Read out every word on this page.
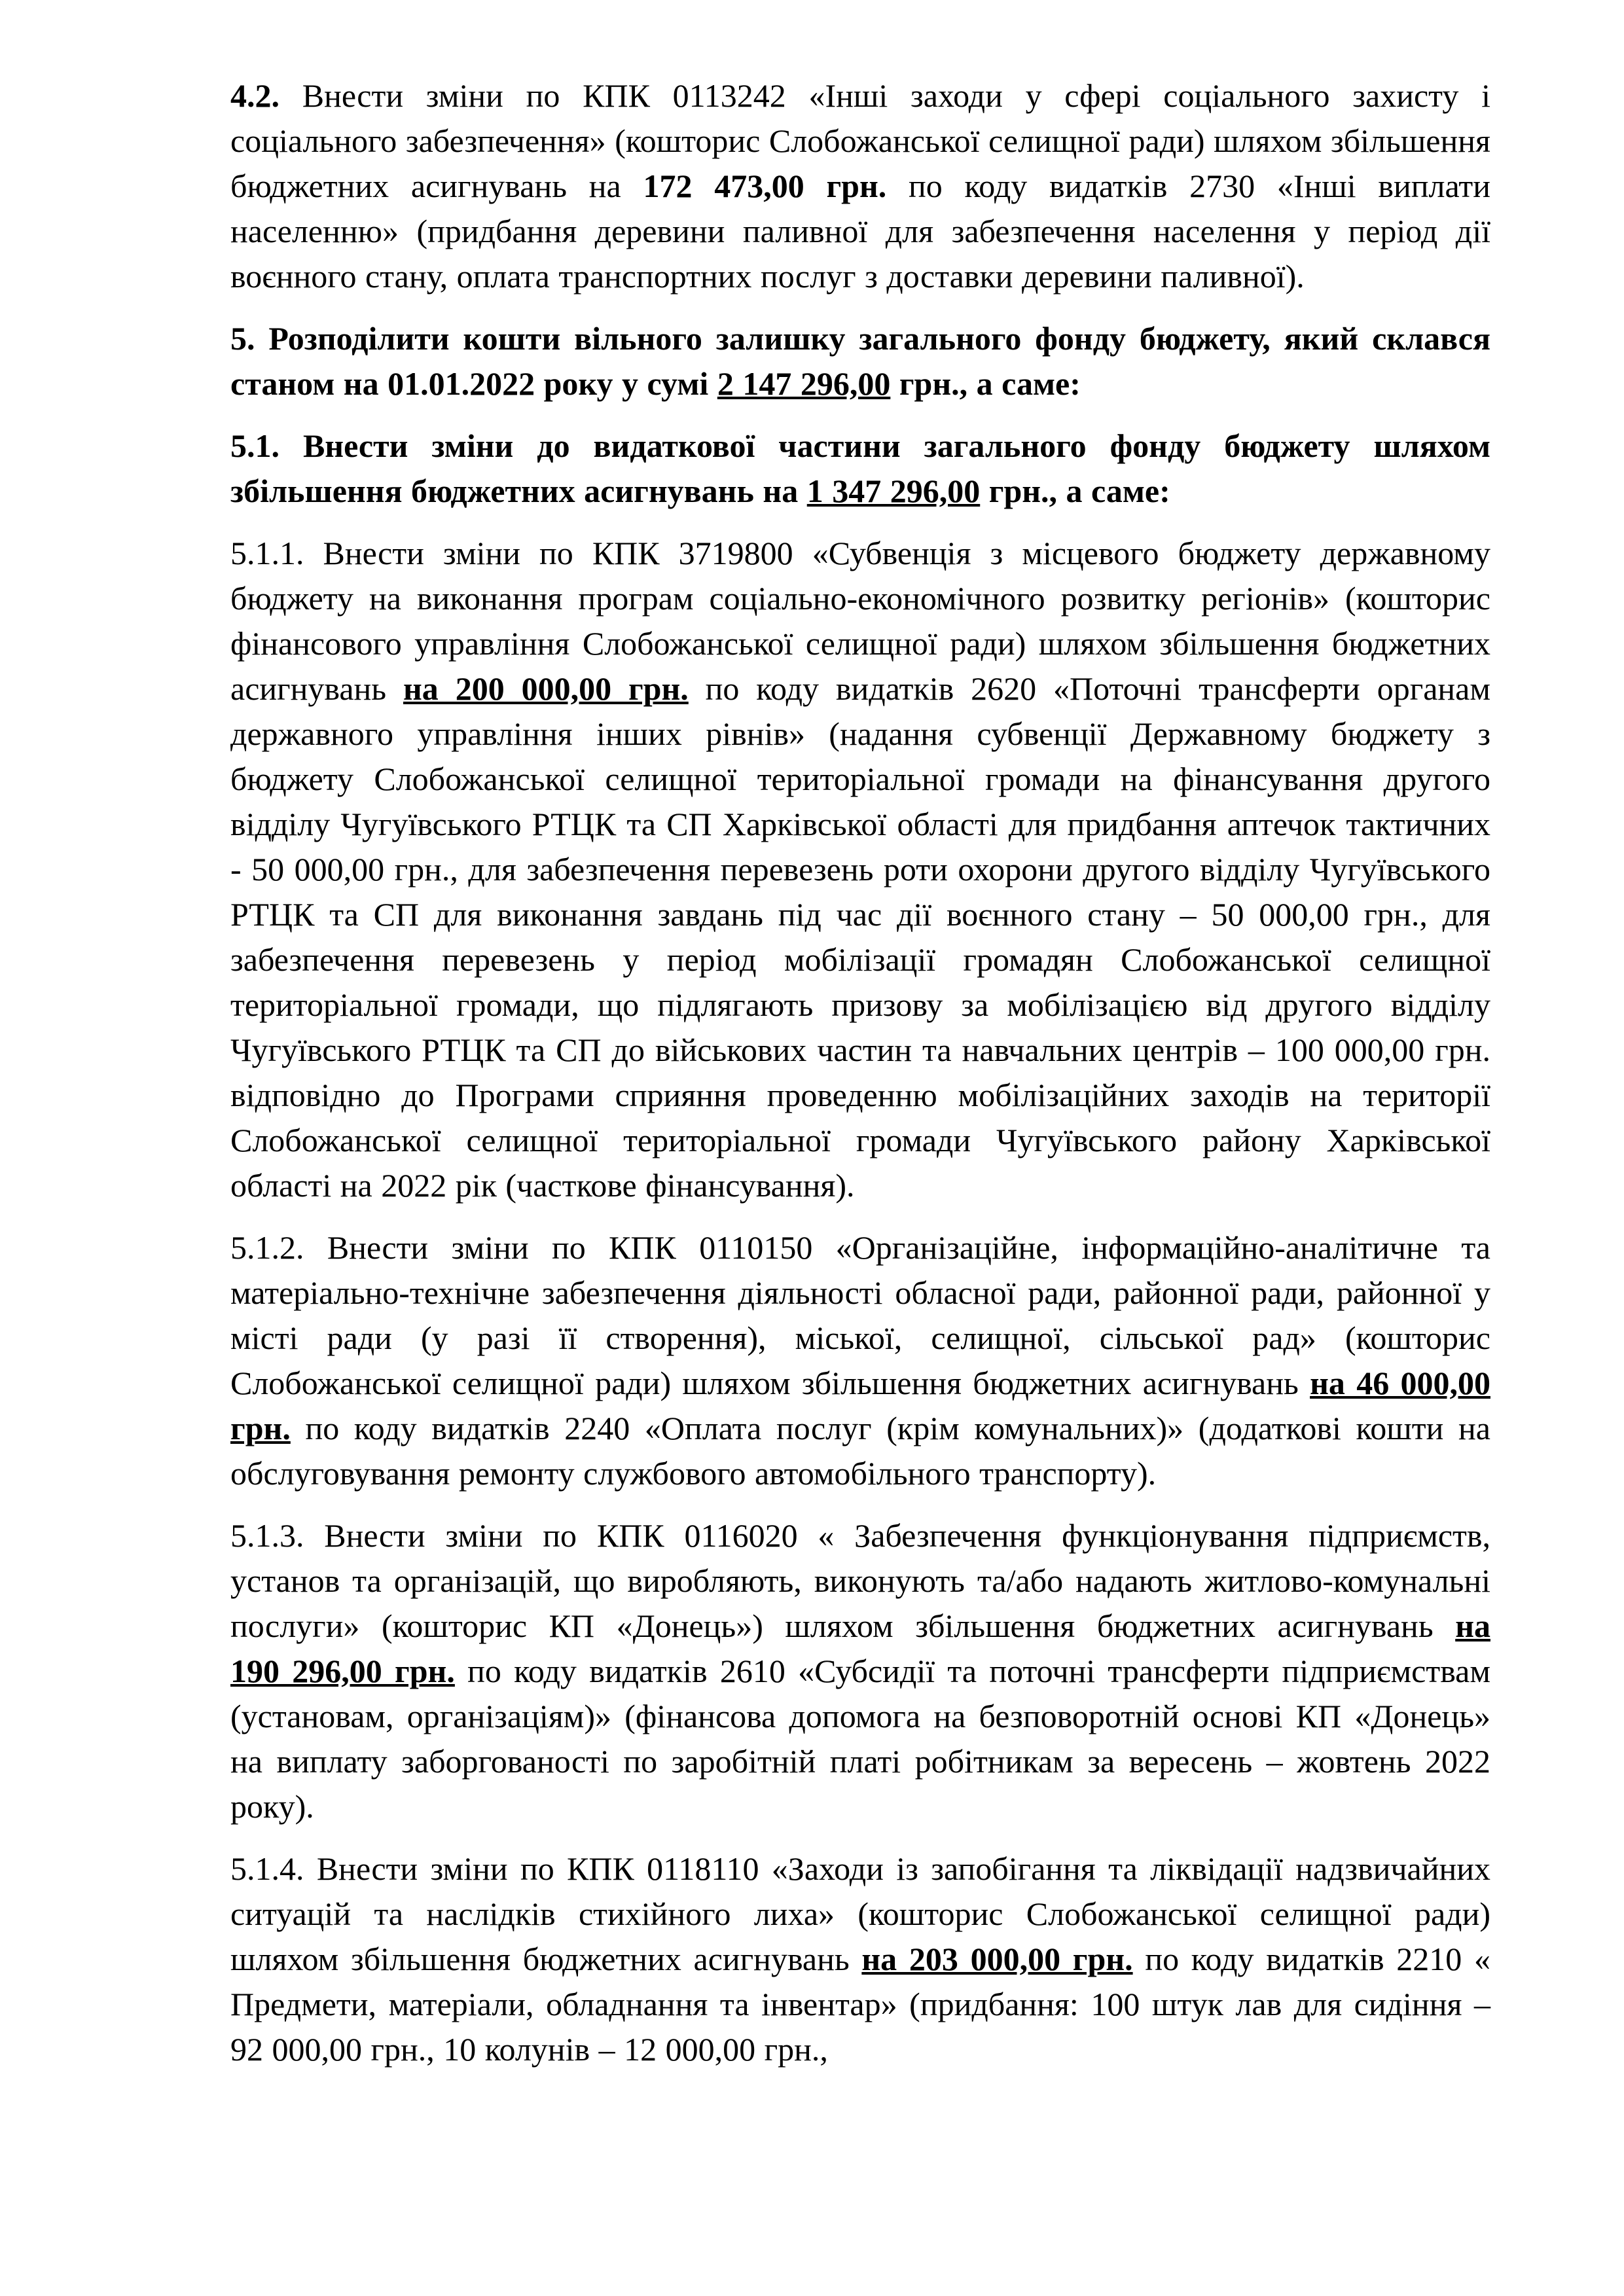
4.2. Внести зміни по КПК 0113242 «Інші заходи у сфері соціального захисту і соціального забезпечення» (кошторис Слобожанської селищної ради) шляхом збільшення бюджетних асигнувань на 172 473,00 грн. по коду видатків 2730 «Інші виплати населенню» (придбання деревини паливної для забезпечення населення у період дії воєнного стану, оплата транспортних послуг з доставки деревини паливної).

5. Розподілити кошти вільного залишку загального фонду бюджету, який склався станом на 01.01.2022 року у сумі 2 147 296,00 грн., а саме:

5.1. Внести зміни до видаткової частини загального фонду бюджету шляхом збільшення бюджетних асигнувань на 1 347 296,00 грн., а саме:

5.1.1. Внести зміни по КПК 3719800 «Субвенція з місцевого бюджету державному бюджету на виконання програм соціально-економічного розвитку регіонів» (кошторис фінансового управління Слобожанської селищної ради) шляхом збільшення бюджетних асигнувань на 200 000,00 грн. по коду видатків 2620 «Поточні трансферти органам державного управління інших рівнів» (надання субвенції Державному бюджету з бюджету Слобожанської селищної територіальної громади на фінансування другого відділу Чугуївського РТЦК та СП Харківської області для придбання аптечок тактичних - 50 000,00 грн., для забезпечення перевезень роти охорони другого відділу Чугуївського РТЦК та СП для виконання завдань під час дії воєнного стану – 50 000,00 грн., для забезпечення перевезень у період мобілізації громадян Слобожанської селищної територіальної громади, що підлягають призову за мобілізацією від другого відділу Чугуївського РТЦК та СП до військових частин та навчальних центрів – 100 000,00 грн. відповідно до Програми сприяння проведенню мобілізаційних заходів на території Слобожанської селищної територіальної громади Чугуївського району Харківської області на 2022 рік (часткове фінансування).

5.1.2. Внести зміни по КПК 0110150 «Організаційне, інформаційно-аналітичне та матеріально-технічне забезпечення діяльності обласної ради, районної ради, районної у місті ради (у разі її створення), міської, селищної, сільської рад» (кошторис Слобожанської селищної ради) шляхом збільшення бюджетних асигнувань на 46 000,00 грн. по коду видатків 2240 «Оплата послуг (крім комунальних)» (додаткові кошти на обслуговування ремонту службового автомобільного транспорту).

5.1.3. Внести зміни по КПК 0116020 « Забезпечення функціонування підприємств, установ та організацій, що виробляють, виконують та/або надають житлово-комунальні послуги» (кошторис КП «Донець») шляхом збільшення бюджетних асигнувань на 190 296,00 грн. по коду видатків 2610 «Субсидії та поточні трансферти підприємствам (установам, організаціям)» (фінансова допомога на безповоротній основі КП «Донець» на виплату заборгованості по заробітній платі робітникам за вересень – жовтень 2022 року).

5.1.4. Внести зміни по КПК 0118110 «Заходи із запобігання та ліквідації надзвичайних ситуацій та наслідків стихійного лиха» (кошторис Слобожанської селищної ради) шляхом збільшення бюджетних асигнувань на 203 000,00 грн. по коду видатків 2210 « Предмети, матеріали, обладнання та інвентар» (придбання: 100 штук лав для сидіння – 92 000,00 грн., 10 колунів – 12 000,00 грн.,
